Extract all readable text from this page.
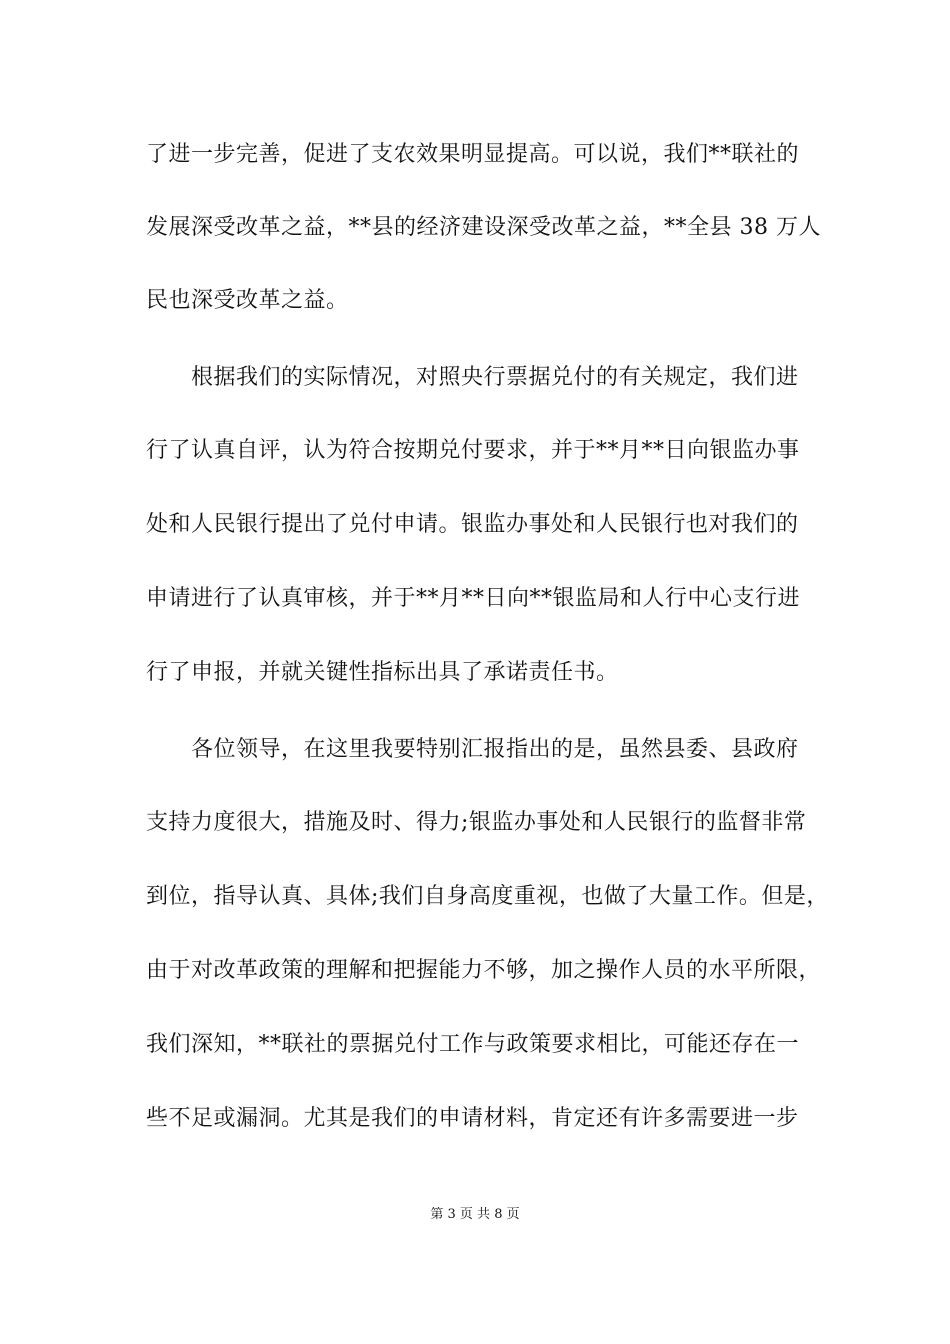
了进一步完善，促进了支农效果明显提高。可以说，我们**联社的
发展深受改革之益，**县的经济建设深受改革之益，**全县 38 万人
民也深受改革之益。
　　根据我们的实际情况，对照央行票据兑付的有关规定，我们进
行了认真自评，认为符合按期兑付要求，并于**月**日向银监办事
处和人民银行提出了兑付申请。银监办事处和人民银行也对我们的
申请进行了认真审核，并于**月**日向**银监局和人行中心支行进
行了申报，并就关键性指标出具了承诺责任书。
　　各位领导，在这里我要特别汇报指出的是，虽然县委、县政府
支持力度很大，措施及时、得力;银监办事处和人民银行的监督非常
到位，指导认真、具体;我们自身高度重视，也做了大量工作。但是，
由于对改革政策的理解和把握能力不够，加之操作人员的水平所限，
我们深知，**联社的票据兑付工作与政策要求相比，可能还存在一
些不足或漏洞。尤其是我们的申请材料，肯定还有许多需要进一步
第 3 页 共 8 页
